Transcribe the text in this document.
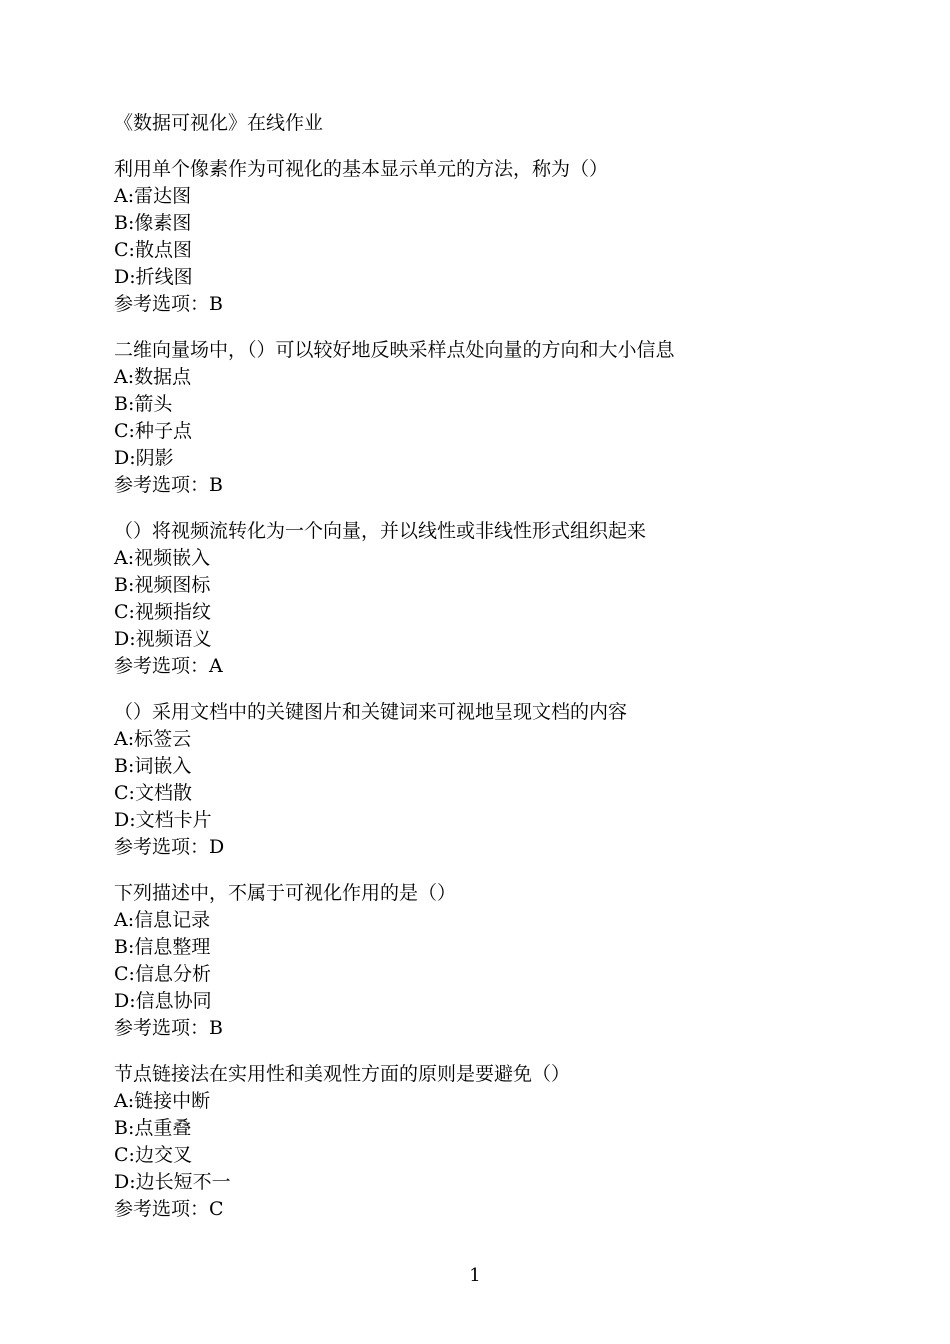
《数据可视化》在线作业
利用单个像素作为可视化的基本显示单元的方法，称为（）
A:雷达图
B:像素图
C:散点图
D:折线图
参考选项：B
二维向量场中，（）可以较好地反映采样点处向量的方向和大小信息
A:数据点
B:箭头
C:种子点
D:阴影
参考选项：B
（）将视频流转化为一个向量，并以线性或非线性形式组织起来
A:视频嵌入
B:视频图标
C:视频指纹
D:视频语义
参考选项：A
（）采用文档中的关键图片和关键词来可视地呈现文档的内容
A:标签云
B:词嵌入
C:文档散
D:文档卡片
参考选项：D
下列描述中，不属于可视化作用的是（）
A:信息记录
B:信息整理
C:信息分析
D:信息协同
参考选项：B
节点链接法在实用性和美观性方面的原则是要避免（）
A:链接中断
B:点重叠
C:边交叉
D:边长短不一
参考选项：C
1
